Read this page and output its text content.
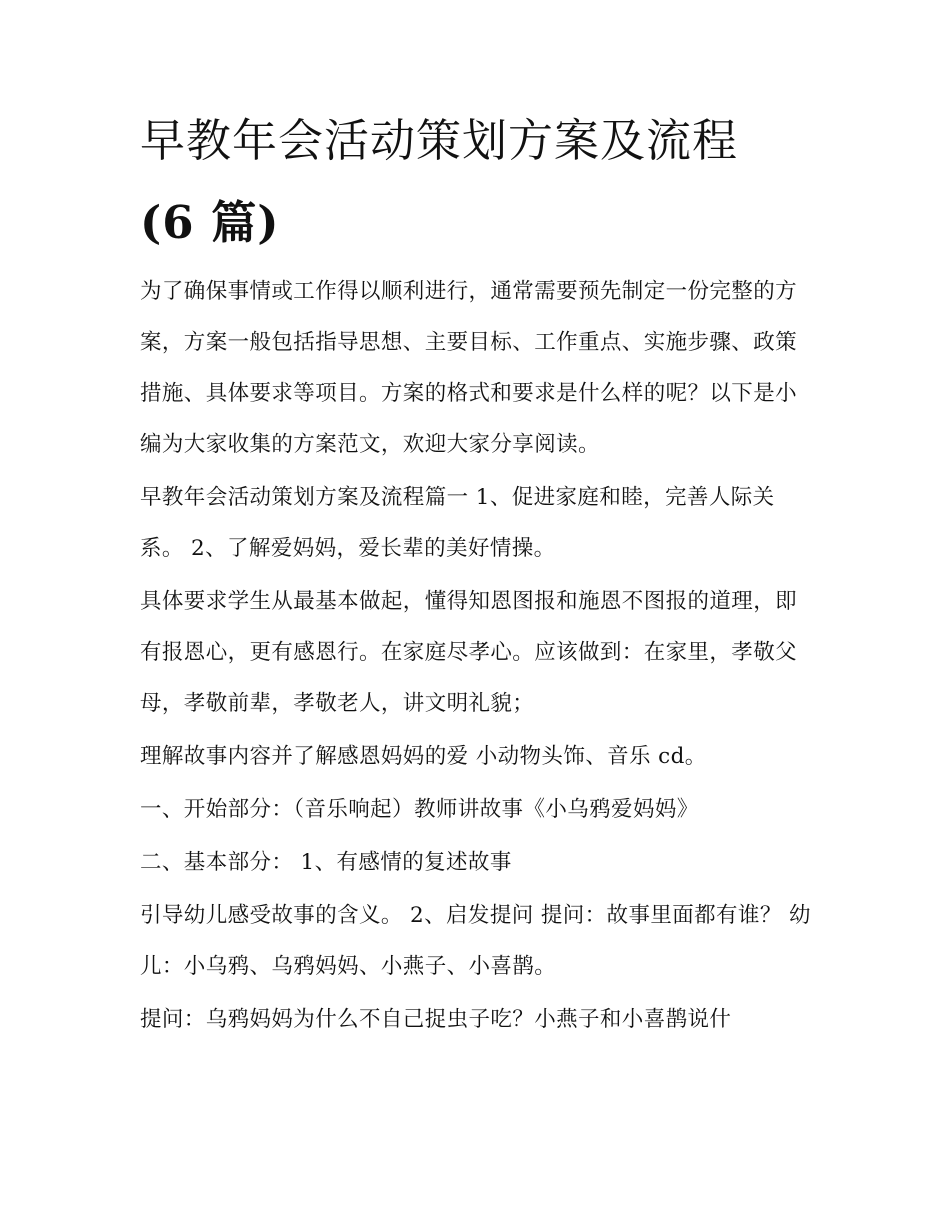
早教年会活动策划方案及流程
(6 篇)

为了确保事情或工作得以顺利进行，通常需要预先制定一份完整的方案，方案一般包括指导思想、主要目标、工作重点、实施步骤、政策措施、具体要求等项目。方案的格式和要求是什么样的呢？以下是小编为大家收集的方案范文，欢迎大家分享阅读。

早教年会活动策划方案及流程篇一 1、促进家庭和睦，完善人际关系。 2、了解爱妈妈，爱长辈的美好情操。

具体要求学生从最基本做起，懂得知恩图报和施恩不图报的道理，即有报恩心，更有感恩行。在家庭尽孝心。应该做到：在家里，孝敬父母，孝敬前辈，孝敬老人，讲文明礼貌；

理解故事内容并了解感恩妈妈的爱 小动物头饰、音乐 cd。

一、开始部分：（音乐响起）教师讲故事《小乌鸦爱妈妈》

二、基本部分： 1、有感情的复述故事

引导幼儿感受故事的含义。 2、启发提问 提问：故事里面都有谁？ 幼儿：小乌鸦、乌鸦妈妈、小燕子、小喜鹊。

提问：乌鸦妈妈为什么不自己捉虫子吃？小燕子和小喜鹊说什
